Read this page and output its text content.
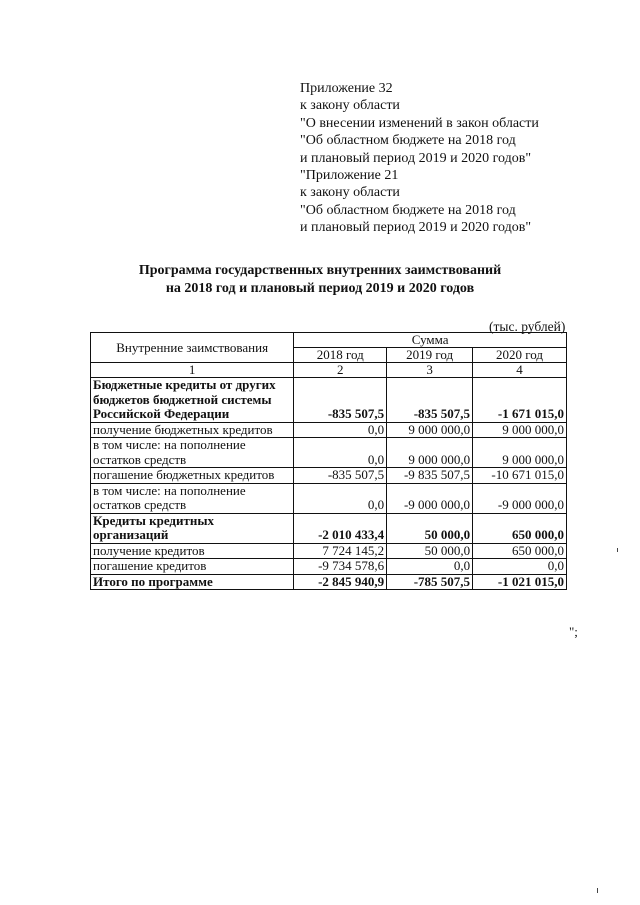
Приложение 32
к закону области
"О внесении изменений в закон области
"Об областном бюджете на 2018 год
и плановый период 2019 и 2020 годов"
"Приложение 21
к закону области
"Об областном бюджете на 2018 год
и плановый период 2019 и 2020 годов"
Программа государственных внутренних заимствований
на 2018 год и плановый период 2019 и 2020 годов
(тыс. рублей)
Внутренние заимствования	Сумма		
	2018 год	2019 год	2020 год
1	2	3	4
Бюджетные кредиты от других бюджетов бюджетной системы Российской Федерации	-835 507,5	-835 507,5	-1 671 015,0
получение бюджетных кредитов	0,0	9 000 000,0	9 000 000,0
в том числе: на пополнение остатков средств	0,0	9 000 000,0	9 000 000,0
погашение бюджетных кредитов	-835 507,5	-9 835 507,5	-10 671 015,0
в том числе: на пополнение остатков средств	0,0	-9 000 000,0	-9 000 000,0
Кредиты кредитных организаций	-2 010 433,4	50 000,0	650 000,0
получение кредитов	7 724 145,2	50 000,0	650 000,0
погашение кредитов	-9 734 578,6	0,0	0,0
Итого по программе	-2 845 940,9	-785 507,5	-1 021 015,0
";
